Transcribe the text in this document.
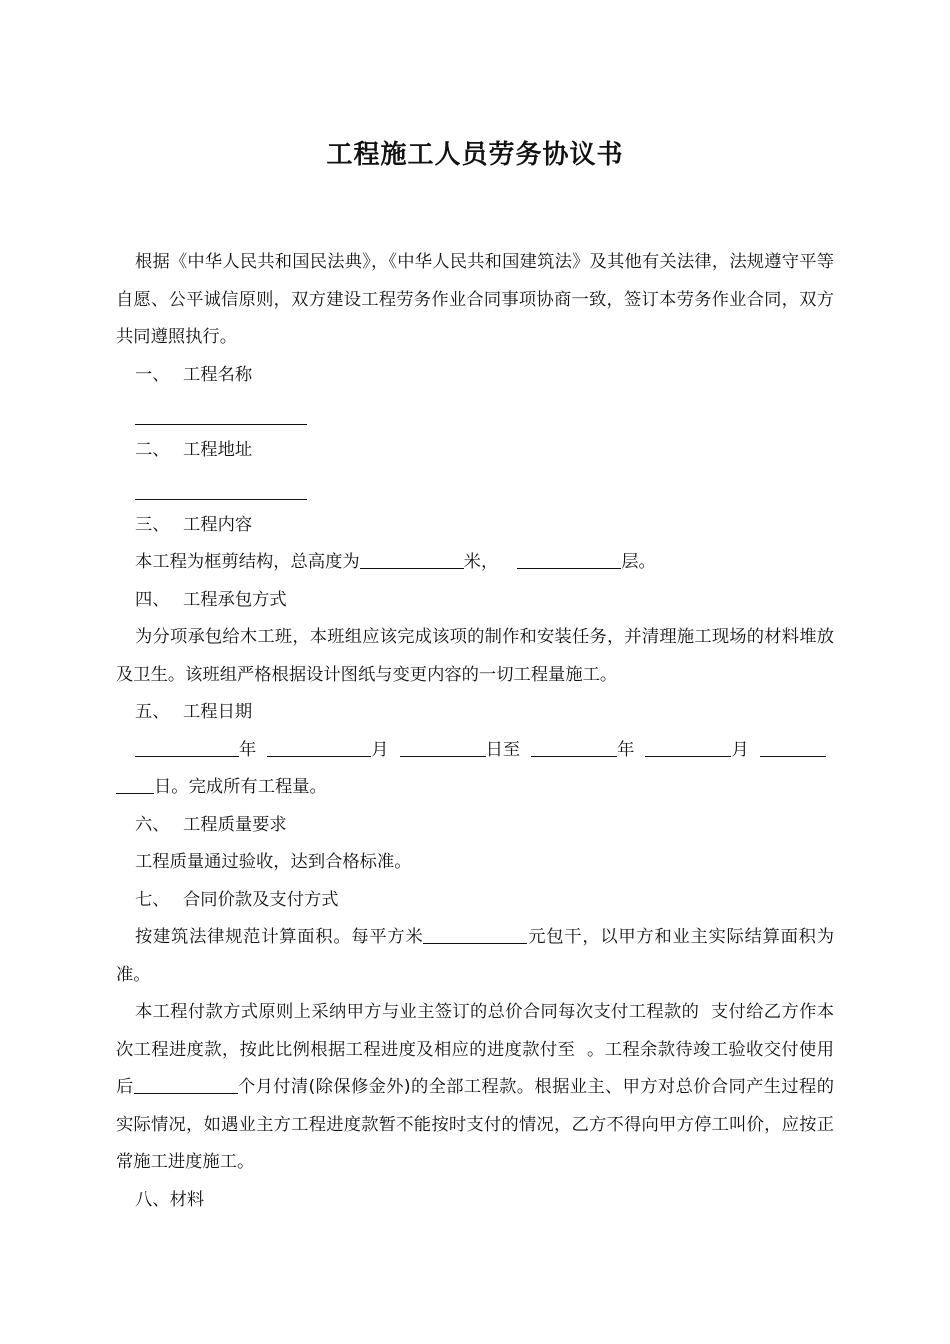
工程施工人员劳务协议书

根据《中华人民共和国民法典》，《中华人民共和国建筑法》及其他有关法律，法规遵守平等自愿、公平诚信原则，双方建设工程劳务作业合同事项协商一致，签订本劳务作业合同，双方共同遵照执行。

一、 工程名称
二、 工程地址
三、 工程内容

本工程为框剪结构，总高度为	米，	层。

四、 工程承包方式

为分项承包给木工班，本班组应该完成该项的制作和安装任务，并清理施工现场的材料堆放及卫生。该班组严格根据设计图纸与变更内容的一切工程量施工。

五、 工程日期

年	月	日至	年	月
日。完成所有工程量。

六、 工程质量要求

工程质量通过验收，达到合格标准。

七、 合同价款及支付方式

按建筑法律规范计算面积。每平方米	元包干，以甲方和业主实际结算面积为准。

本工程付款方式原则上采纳甲方与业主签订的总价合同每次支付工程款的  支付给乙方作本次工程进度款，按此比例根据工程进度及相应的进度款付至  。工程余款待竣工验收交付使用后	个月付清(除保修金外)的全部工程款。根据业主、甲方对总价合同产生过程的实际情况，如遇业主方工程进度款暂不能按时支付的情况，乙方不得向甲方停工叫价，应按正常施工进度施工。

八、材料
